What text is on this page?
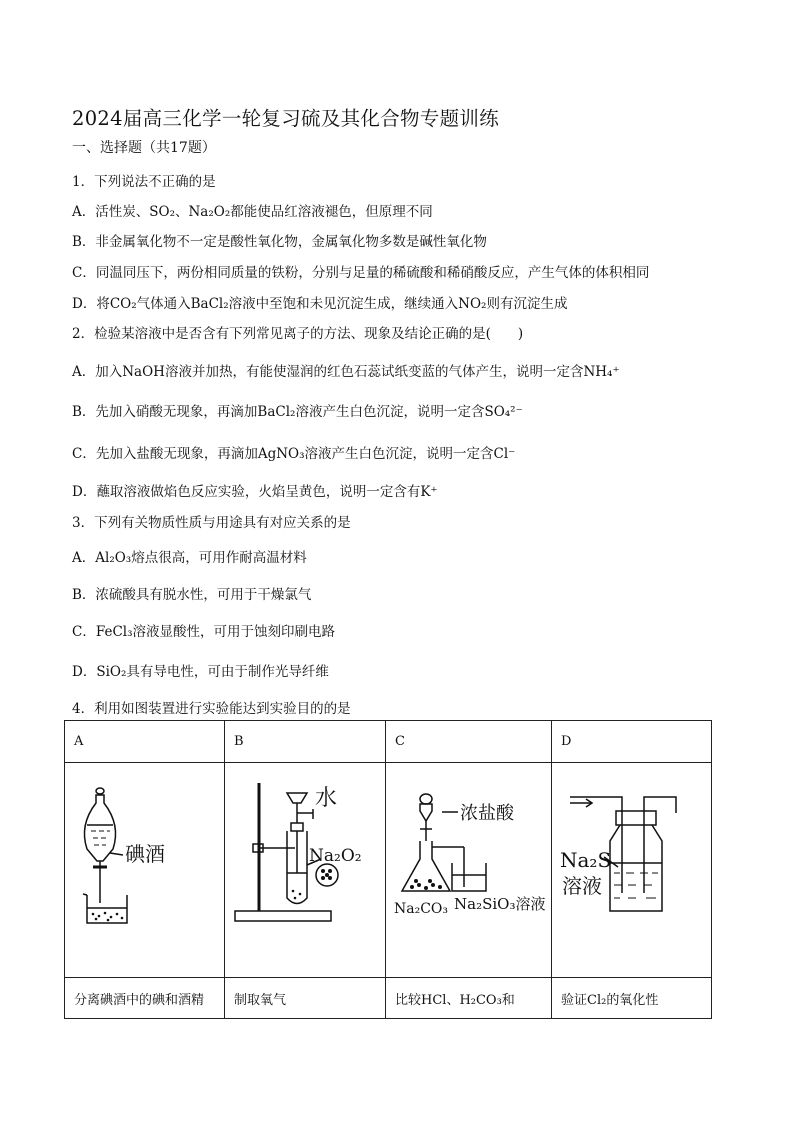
2024届高三化学一轮复习硫及其化合物专题训练
一、选择题（共17题）
1．下列说法不正确的是
A．活性炭、SO₂、Na₂O₂都能使品红溶液褪色，但原理不同
B．非金属氧化物不一定是酸性氧化物，金属氧化物多数是碱性氧化物
C．同温同压下，两份相同质量的铁粉，分别与足量的稀硫酸和稀硝酸反应，产生气体的体积相同
D．将CO₂气体通入BaCl₂溶液中至饱和未见沉淀生成，继续通入NO₂则有沉淀生成
2．检验某溶液中是否含有下列常见离子的方法、现象及结论正确的是(　　)
A．加入NaOH溶液并加热，有能使湿润的红色石蕊试纸变蓝的气体产生，说明一定含NH₄⁺
B．先加入硝酸无现象，再滴加BaCl₂溶液产生白色沉淀，说明一定含SO₄²⁻
C．先加入盐酸无现象，再滴加AgNO₃溶液产生白色沉淀，说明一定含Cl⁻
D．蘸取溶液做焰色反应实验，火焰呈黄色，说明一定含有K⁺
3．下列有关物质性质与用途具有对应关系的是
A．Al₂O₃熔点很高，可用作耐高温材料
B．浓硫酸具有脱水性，可用于干燥氯气
C．FeCl₃溶液显酸性，可用于蚀刻印刷电路
D．SiO₂具有导电性，可由于制作光导纤维
4．利用如图装置进行实验能达到实验目的的是
A	B	C	D

碘酒	水
Na₂O₂	浓盐酸
Na₂CO₃ Na₂SiO₃溶液	Na₂S
溶液

分离碘酒中的碘和酒精	制取氧气	比较HCl、H₂CO₃和	验证Cl₂的氧化性
